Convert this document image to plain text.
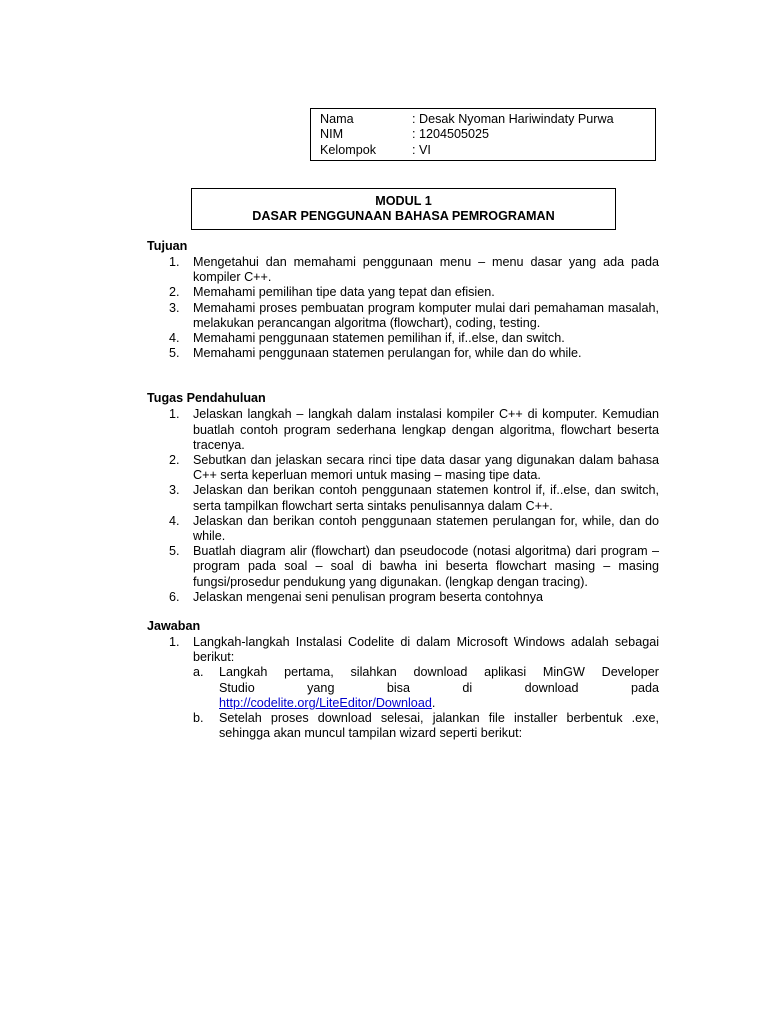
Nama	: Desak Nyoman Hariwindaty Purwa
NIM	: 1204505025
Kelompok	: VI
MODUL 1
DASAR PENGGUNAAN BAHASA PEMROGRAMAN
Tujuan
1. Mengetahui dan memahami penggunaan menu – menu dasar yang ada pada kompiler C++.
2. Memahami pemilihan tipe data yang tepat dan efisien.
3. Memahami proses pembuatan program komputer mulai dari pemahaman masalah, melakukan perancangan algoritma (flowchart), coding, testing.
4. Memahami penggunaan statemen pemilihan if, if..else, dan switch.
5. Memahami penggunaan statemen perulangan for, while dan do while.
Tugas Pendahuluan
1. Jelaskan langkah – langkah dalam instalasi kompiler C++ di komputer. Kemudian buatlah contoh program sederhana lengkap dengan algoritma, flowchart beserta tracenya.
2. Sebutkan dan jelaskan secara rinci tipe data dasar yang digunakan dalam bahasa C++ serta keperluan memori untuk masing – masing tipe data.
3. Jelaskan dan berikan contoh penggunaan statemen kontrol if, if..else, dan switch, serta tampilkan flowchart serta sintaks penulisannya dalam C++.
4. Jelaskan dan berikan contoh penggunaan statemen perulangan for, while, dan do while.
5. Buatlah diagram alir (flowchart) dan pseudocode (notasi algoritma) dari program – program pada soal – soal di bawha ini beserta flowchart masing – masing fungsi/prosedur pendukung yang digunakan. (lengkap dengan tracing).
6. Jelaskan mengenai seni penulisan program beserta contohnya
Jawaban
1. Langkah-langkah Instalasi Codelite di dalam Microsoft Windows adalah sebagai berikut:
a. Langkah pertama, silahkan download aplikasi MinGW Developer
Studio yang bisa di download pada
http://codelite.org/LiteEditor/Download.
b. Setelah proses download selesai, jalankan file installer berbentuk .exe, sehingga akan muncul tampilan wizard seperti berikut:
